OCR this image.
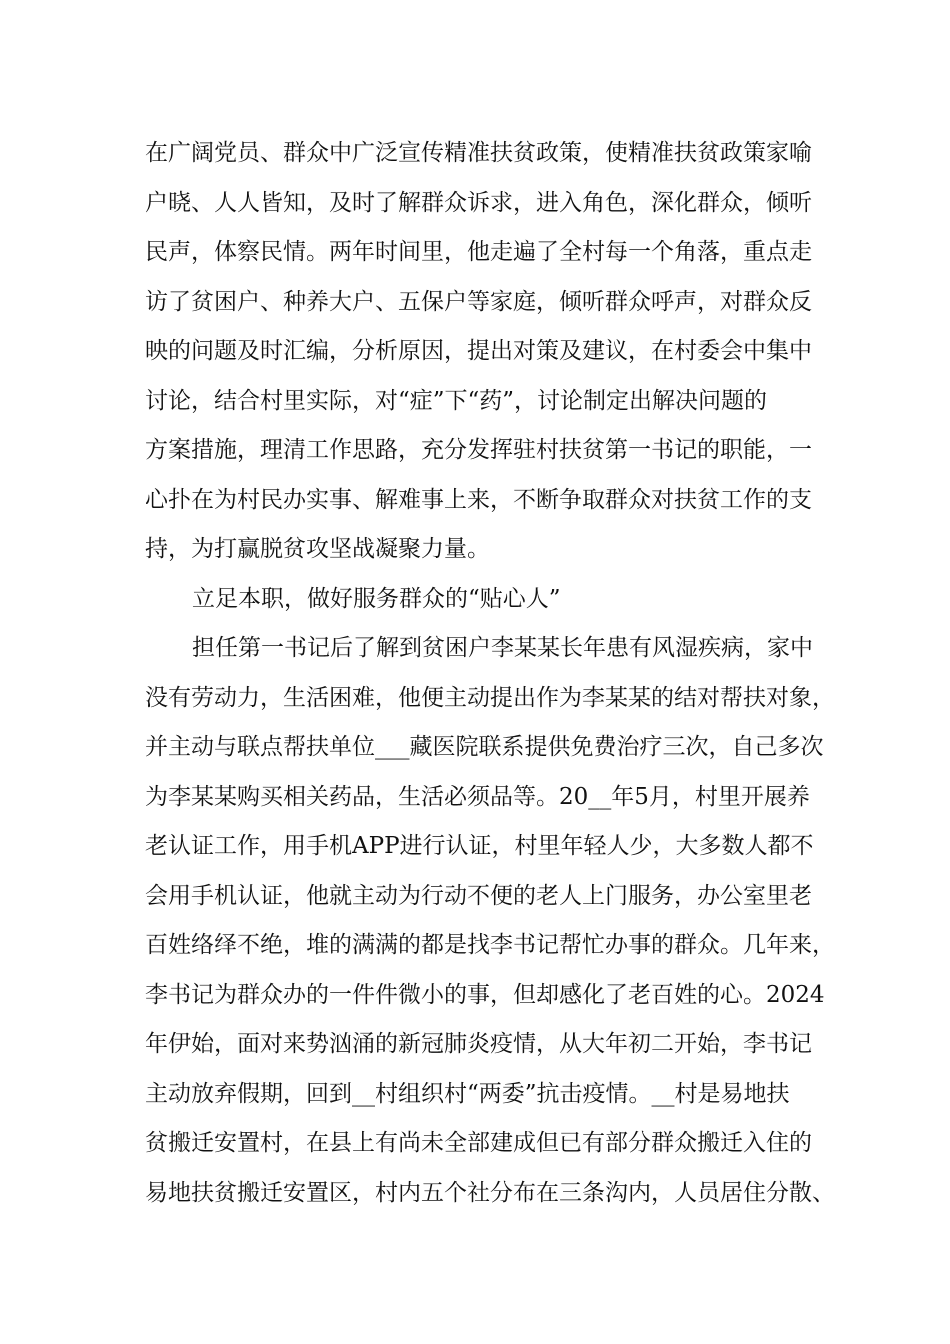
在广阔党员、群众中广泛宣传精准扶贫政策，使精准扶贫政策家喻
户晓、人人皆知，及时了解群众诉求，进入角色，深化群众，倾听
民声，体察民情。两年时间里，他走遍了全村每一个角落，重点走
访了贫困户、种养大户、五保户等家庭，倾听群众呼声，对群众反
映的问题及时汇编，分析原因，提出对策及建议，在村委会中集中
讨论，结合村里实际，对“症”下“药”，讨论制定出解决问题的
方案措施，理清工作思路，充分发挥驻村扶贫第一书记的职能，一
心扑在为村民办实事、解难事上来，不断争取群众对扶贫工作的支
持，为打赢脱贫攻坚战凝聚力量。
立足本职，做好服务群众的“贴心人”
担任第一书记后了解到贫困户李某某长年患有风湿疾病，家中
没有劳动力，生活困难，他便主动提出作为李某某的结对帮扶对象，
并主动与联点帮扶单位___藏医院联系提供免费治疗三次，自己多次
为李某某购买相关药品，生活必须品等。20__年5月，村里开展养
老认证工作，用手机APP进行认证，村里年轻人少，大多数人都不
会用手机认证，他就主动为行动不便的老人上门服务，办公室里老
百姓络绎不绝，堆的满满的都是找李书记帮忙办事的群众。几年来，
李书记为群众办的一件件微小的事，但却感化了老百姓的心。2024
年伊始，面对来势汹涌的新冠肺炎疫情，从大年初二开始，李书记
主动放弃假期，回到__村组织村“两委”抗击疫情。__村是易地扶
贫搬迁安置村，在县上有尚未全部建成但已有部分群众搬迁入住的
易地扶贫搬迁安置区，村内五个社分布在三条沟内，人员居住分散、
